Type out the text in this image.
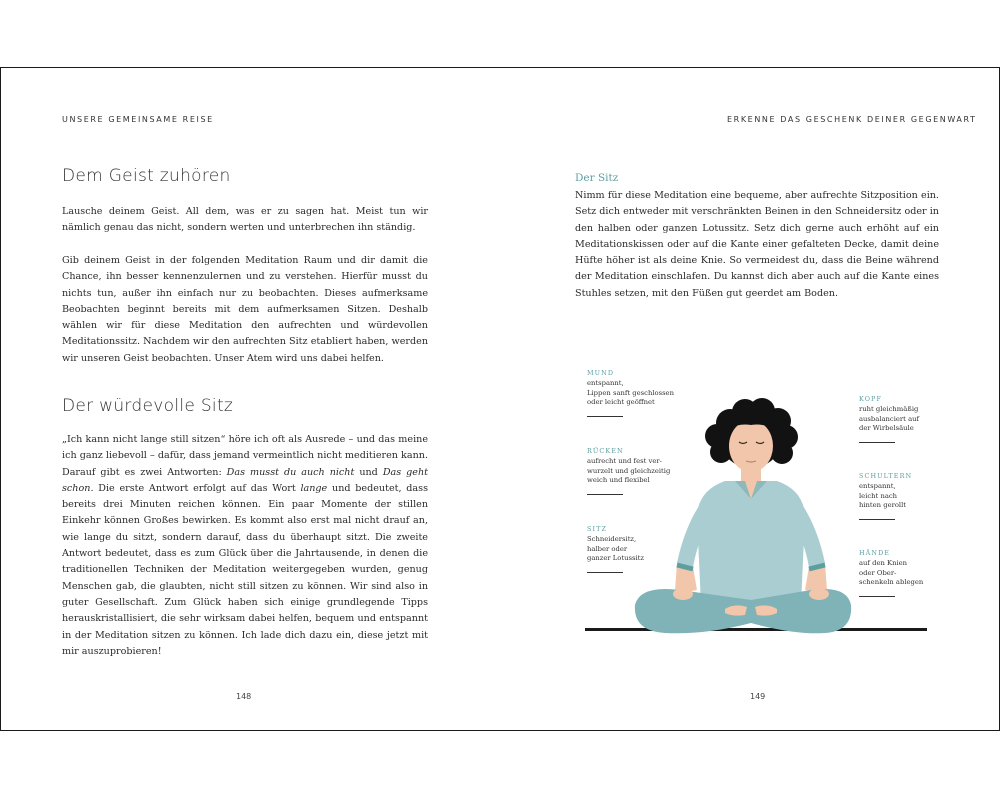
UNSERE GEMEINSAME REISE
Dem Geist zuhören

Lausche deinem Geist. All dem, was er zu sagen hat. Meist tun wir nämlich genau das nicht, sondern werten und unterbrechen ihn ständig.

Gib deinem Geist in der folgenden Meditation Raum und dir damit die Chance, ihn besser kennenzulernen und zu verstehen. Hierfür musst du nichts tun, außer ihn einfach nur zu beobachten. Dieses aufmerksame Beobachten beginnt bereits mit dem aufmerksamen Sitzen. Deshalb wählen wir für diese Meditation den aufrechten und würdevollen Meditationssitz. Nachdem wir den aufrechten Sitz etabliert haben, werden wir unseren Geist beobachten. Unser Atem wird uns dabei helfen.

Der würdevolle Sitz

„Ich kann nicht lange still sitzen“ höre ich oft als Ausrede – und das meine ich ganz liebevoll – dafür, dass jemand vermeintlich nicht meditieren kann. Darauf gibt es zwei Antworten: Das musst du auch nicht und Das geht schon. Die erste Antwort erfolgt auf das Wort lange und bedeutet, dass bereits drei Minuten reichen können. Ein paar Momente der stillen Einkehr können Großes bewirken. Es kommt also erst mal nicht drauf an, wie lange du sitzt, sondern darauf, dass du überhaupt sitzt. Die zweite Antwort bedeutet, dass es zum Glück über die Jahrtausende, in denen die traditionellen Techniken der Meditation weitergegeben wurden, genug Menschen gab, die glaubten, nicht still sitzen zu können. Wir sind also in guter Gesellschaft. Zum Glück haben sich einige grundlegende Tipps herauskristallisiert, die sehr wirksam dabei helfen, bequem und entspannt in der Meditation sitzen zu können. Ich lade dich dazu ein, diese jetzt mit mir auszuprobieren!

148
ERKENNE DAS GESCHENK DEINER GEGENWART
Der Sitz

Nimm für diese Meditation eine bequeme, aber aufrechte Sitzposition ein. Setz dich entweder mit verschränkten Beinen in den Schneidersitz oder in den halben oder ganzen Lotussitz. Setz dich gerne auch erhöht auf ein Meditationskissen oder auf die Kante einer gefalteten Decke, damit deine Hüfte höher ist als deine Knie. So vermeidest du, dass die Beine während der Meditation einschlafen. Du kannst dich aber auch auf die Kante eines Stuhles setzen, mit den Füßen gut geerdet am Boden.

MUND
entspannt,
Lippen sanft geschlossen
oder leicht geöffnet
RÜCKEN
aufrecht und fest ver-
wurzelt und gleichzeitig
weich und flexibel
SITZ
Schneidersitz,
halber oder
ganzer Lotussitz
KOPF
ruht gleichmäßig
ausbalanciert auf
der Wirbelsäule
SCHULTERN
entspannt,
leicht nach
hinten gerollt
HÄNDE
auf den Knien
oder Ober-
schenkeln ablegen
149
